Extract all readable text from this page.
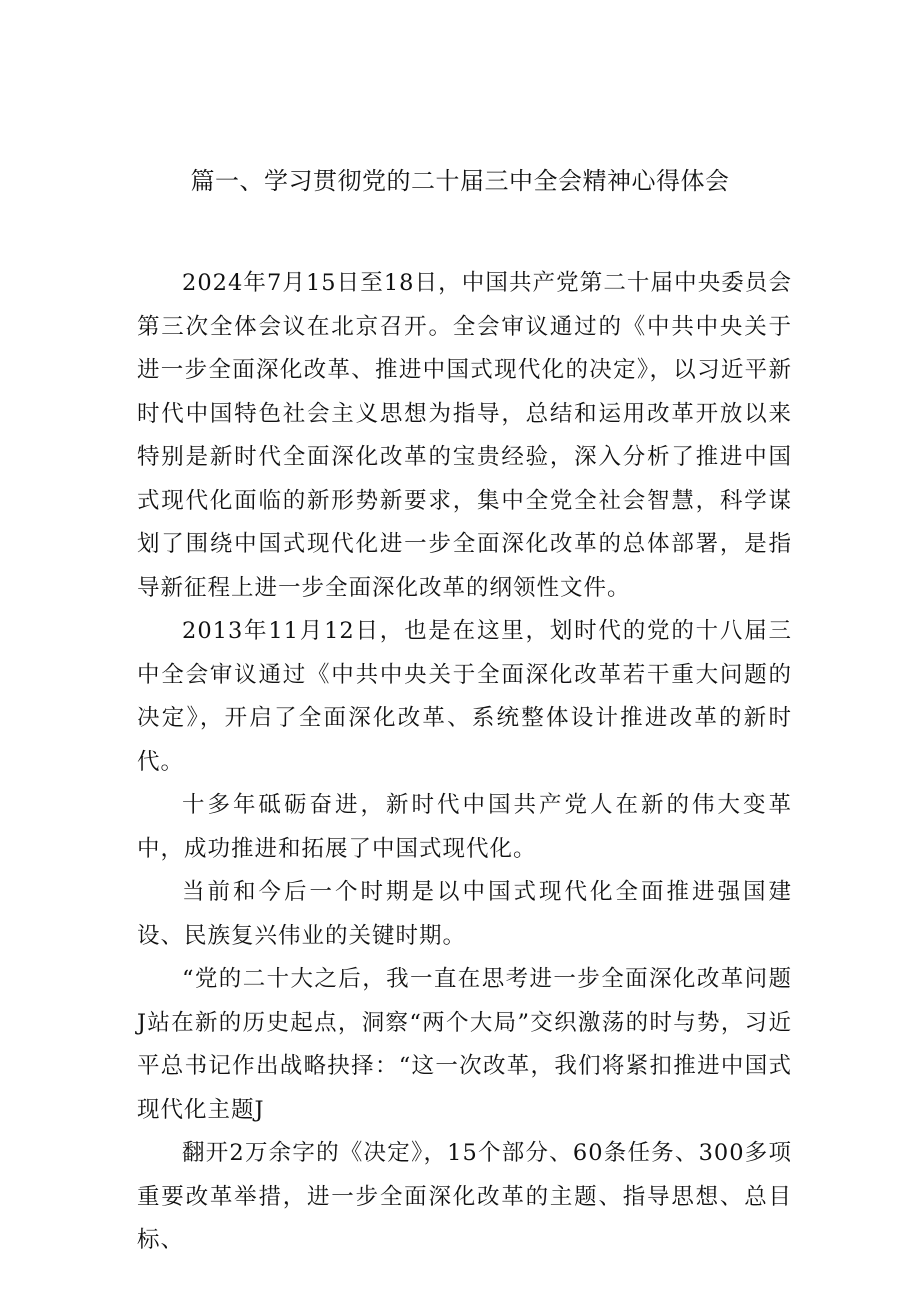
篇一、学习贯彻党的二十届三中全会精神心得体会

2024年7月15日至18日，中国共产党第二十届中央委员会第三次全体会议在北京召开。全会审议通过的《中共中央关于进一步全面深化改革、推进中国式现代化的决定》，以习近平新时代中国特色社会主义思想为指导，总结和运用改革开放以来特别是新时代全面深化改革的宝贵经验，深入分析了推进中国式现代化面临的新形势新要求，集中全党全社会智慧，科学谋划了围绕中国式现代化进一步全面深化改革的总体部署，是指导新征程上进一步全面深化改革的纲领性文件。

2013年11月12日，也是在这里，划时代的党的十八届三中全会审议通过《中共中央关于全面深化改革若干重大问题的决定》，开启了全面深化改革、系统整体设计推进改革的新时代。

十多年砥砺奋进，新时代中国共产党人在新的伟大变革中，成功推进和拓展了中国式现代化。

当前和今后一个时期是以中国式现代化全面推进强国建设、民族复兴伟业的关键时期。

“党的二十大之后，我一直在思考进一步全面深化改革问题J站在新的历史起点，洞察“两个大局”交织激荡的时与势，习近平总书记作出战略抉择：“这一次改革，我们将紧扣推进中国式现代化主题J

翻开2万余字的《决定》，15个部分、60条任务、300多项重要改革举措，进一步全面深化改革的主题、指导思想、总目标、
